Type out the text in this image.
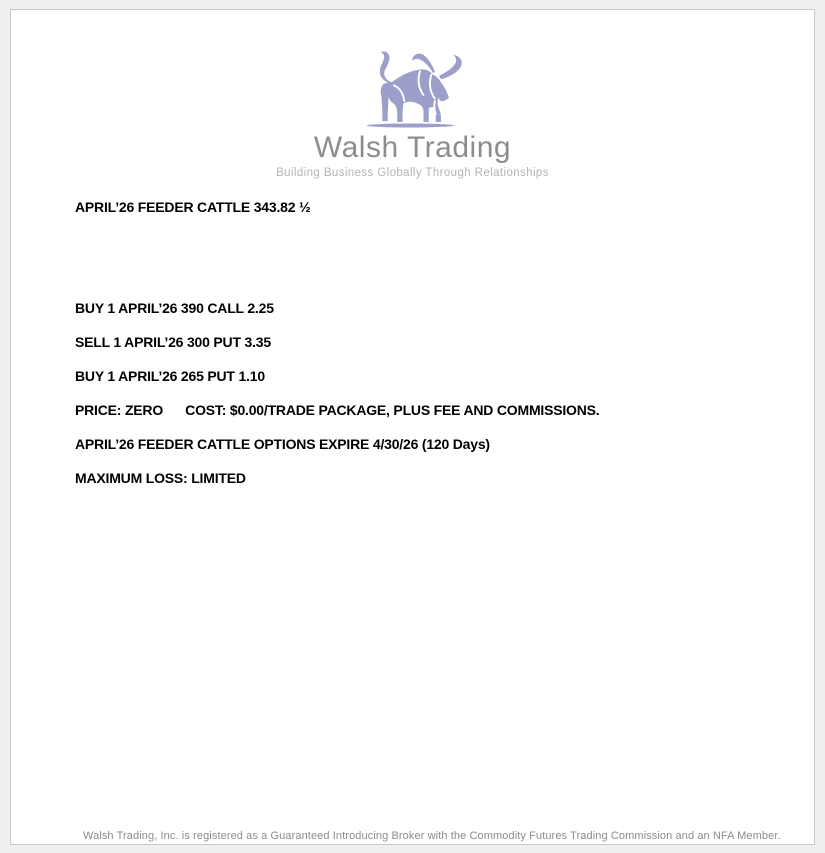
Walsh Trading
Building Business Globally Through Relationships
APRIL’26 FEEDER CATTLE 343.82 ½
BUY 1 APRIL’26 390 CALL 2.25
SELL 1 APRIL’26 300 PUT 3.35
BUY 1 APRIL’26 265 PUT 1.10
PRICE: ZERO      COST: $0.00/TRADE PACKAGE, PLUS FEE AND COMMISSIONS.
APRIL’26 FEEDER CATTLE OPTIONS EXPIRE 4/30/26 (120 Days)
MAXIMUM LOSS: LIMITED
Walsh Trading, Inc. is registered as a Guaranteed Introducing Broker with the Commodity Futures Trading Commission and an NFA Member.
